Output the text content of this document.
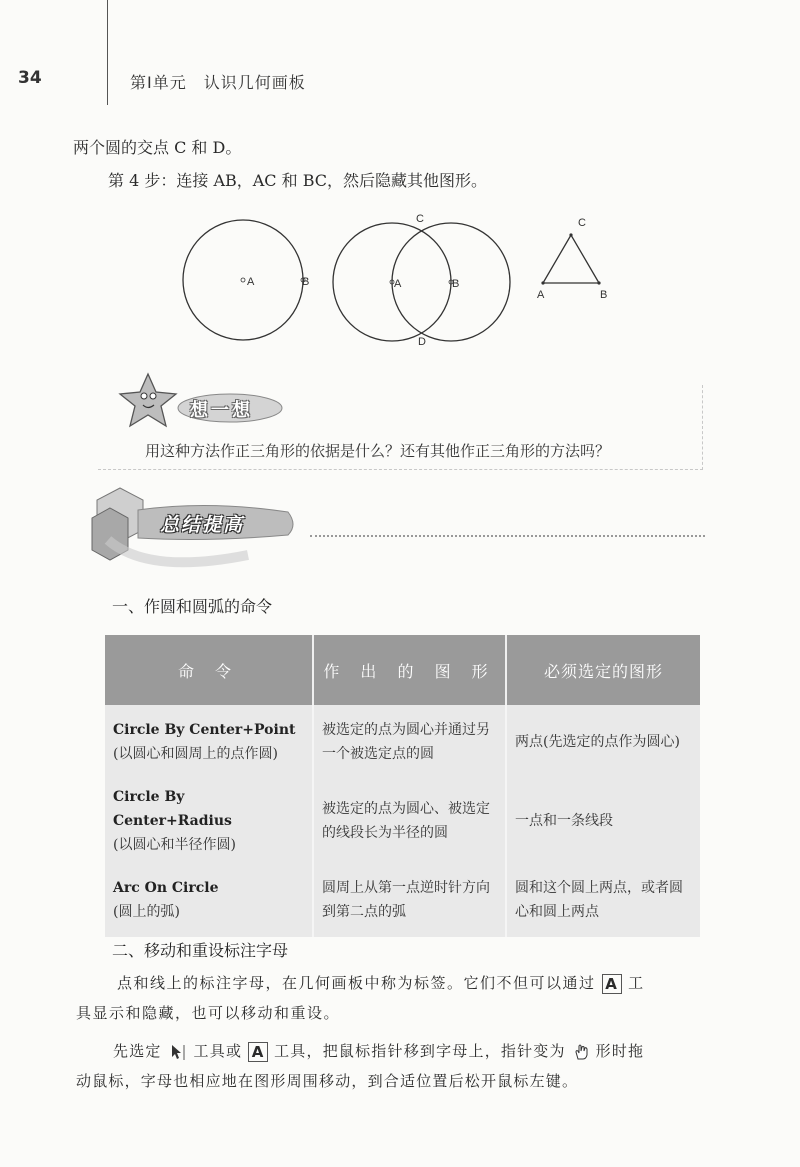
34	第Ⅰ单元　认识几何画板
两个圆的交点 C 和 D。
第 4 步：连接 AB，AC 和 BC，然后隐藏其他图形。
A	B
C
A	B
D
C
A	B
想一想
用这种方法作正三角形的依据是什么？还有其他作正三角形的方法吗？
总结提高
一、作圆和圆弧的命令
命 令	作 出 的 图 形	必须选定的图形

Circle By Center+Point
(以圆心和圆周上的点作圆)	被选定的点为圆心并通过另一个被选定点的圆	两点(先选定的点作为圆心)

Circle By Center+Radius
(以圆心和半径作圆)	被选定的点为圆心、被选定的线段长为半径的圆	一点和一条线段

Arc On Circle
(圆上的弧)	圆周上从第一点逆时针方向到第二点的弧	圆和这个圆上两点，或者圆心和圆上两点
二、移动和重设标注字母
点和线上的标注字母，在几何画板中称为标签。它们不但可以通过 A 工
具显示和隐藏，也可以移动和重设。
先选定 工具或 A 工具，把鼠标指针移到字母上，指针变为 形时拖
动鼠标，字母也相应地在图形周围移动，到合适位置后松开鼠标左键。
